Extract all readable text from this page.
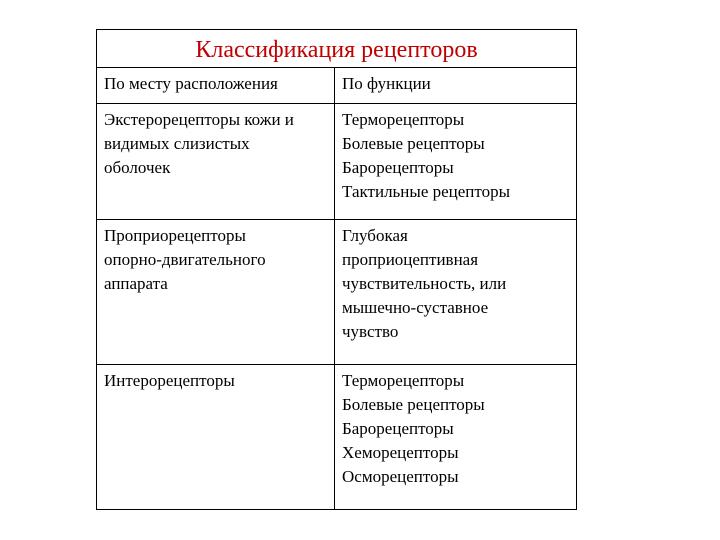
Классификация рецепторов	
По месту расположения	По функции

Экстерорецепторы кожи и
видимых слизистых
оболочек	Терморецепторы
Болевые рецепторы
Барорецепторы
Тактильные рецепторы

Проприорецепторы
опорно-двигательного
аппарата	Глубокая
проприоцептивная
чувствительность, или
мышечно-суставное
чувство

Интерорецепторы	Терморецепторы
Болевые рецепторы
Барорецепторы
Хеморецепторы
Осморецепторы
